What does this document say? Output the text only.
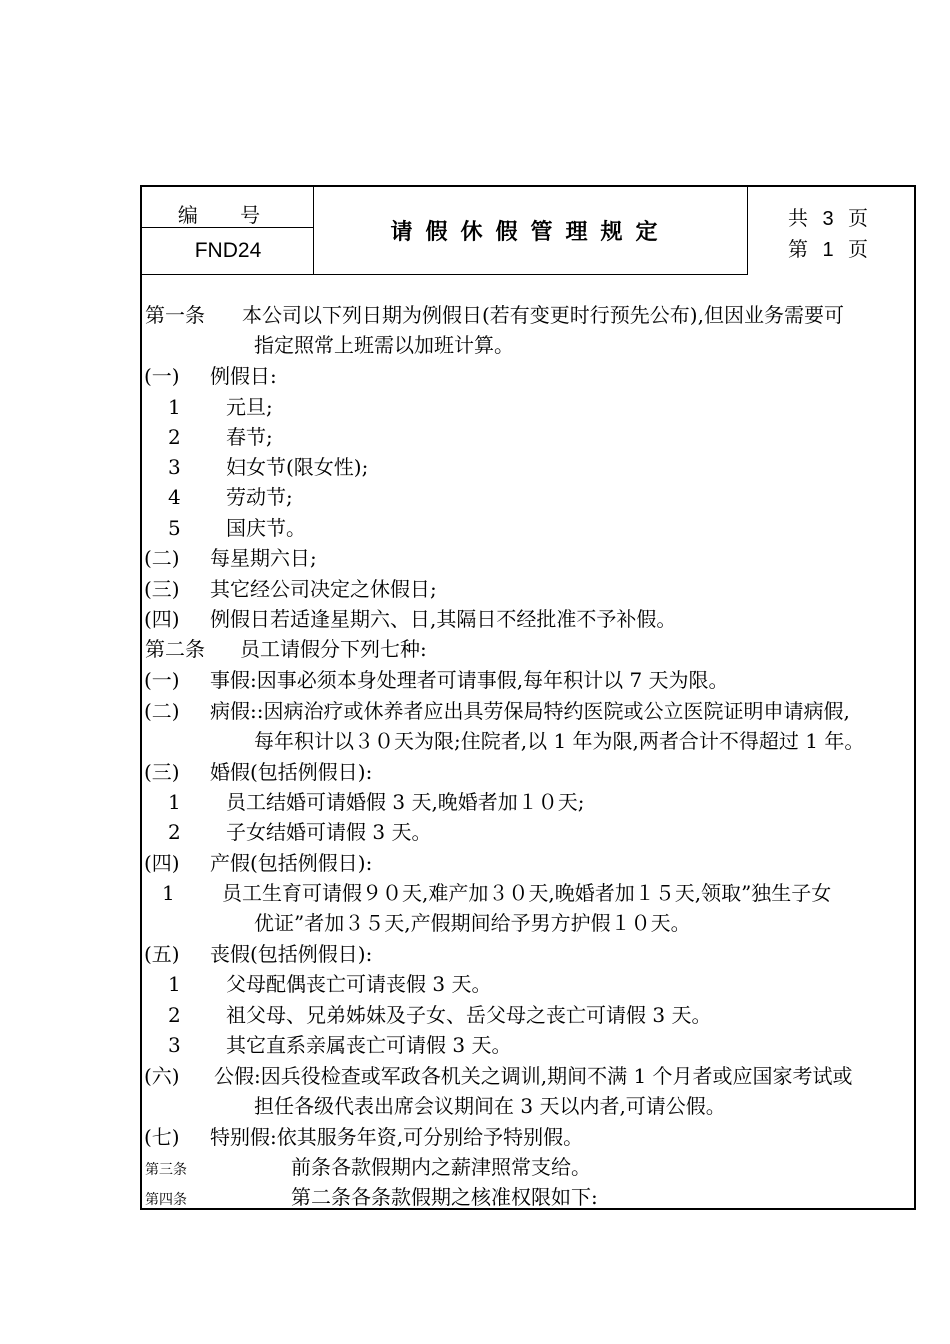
编 号
FND24
请假休假管理规定
共 3 页
第 1 页
第一条 本公司以下列日期为例假日(若有变更时行预先公布),但因业务需要可
指定照常上班需以加班计算。
(一) 例假日:
1 元旦;
2 春节;
3 妇女节(限女性);
4 劳动节;
5 国庆节。
(二) 每星期六日;
(三) 其它经公司决定之休假日;
(四) 例假日若适逢星期六、日,其隔日不经批准不予补假。
第二条 员工请假分下列七种:
(一) 事假:因事必须本身处理者可请事假,每年积计以 7 天为限。
(二) 病假::因病治疗或休养者应出具劳保局特约医院或公立医院证明申请病假,
每年积计以３０天为限;住院者,以 1 年为限,两者合计不得超过 1 年。
(三) 婚假(包括例假日):
1 员工结婚可请婚假 3 天,晚婚者加１０天;
2 子女结婚可请假 3 天。
(四) 产假(包括例假日):
1 员工生育可请假９０天,难产加３０天,晚婚者加１５天,领取”独生子女
优证”者加３５天,产假期间给予男方护假１０天。
(五) 丧假(包括例假日):
1 父母配偶丧亡可请丧假 3 天。
2 祖父母、兄弟姊妹及子女、岳父母之丧亡可请假 3 天。
3 其它直系亲属丧亡可请假 3 天。
(六) 公假:因兵役检查或军政各机关之调训,期间不满 1 个月者或应国家考试或
担任各级代表出席会议期间在 3 天以内者,可请公假。
(七) 特别假:依其服务年资,可分别给予特别假。
第三条	前条各款假期内之薪津照常支给。
第四条	第二条各条款假期之核准权限如下:
